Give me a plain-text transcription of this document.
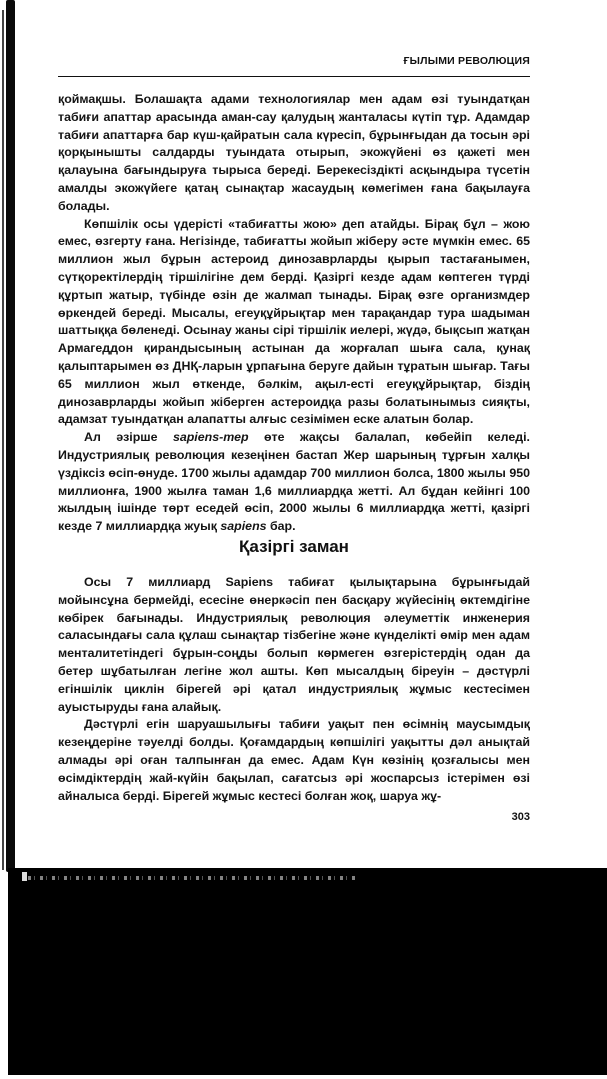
ҒЫЛЫМИ РЕВОЛЮЦИЯ

қоймақшы. Болашақта адами технологиялар мен адам өзі туындатқан табиғи апаттар арасында аман-сау қалудың жанталасы күтіп тұр. Адамдар табиғи апаттарға бар күш-қайратын сала күресіп, бұрынғыдан да тосын әрі қорқынышты салдарды туындата отырып, экожүйені өз қажеті мен қалауына бағындыруға тырыса береді. Берекесіздікті асқындыра түсетін амалды экожүйеге қатаң сынақтар жасаудың көмегімен ғана бақылауға болады.

Көпшілік осы үдерісті «табиғатты жою» деп атайды. Бірақ бұл – жою емес, өзгерту ғана. Негізінде, табиғатты жойып жіберу әсте мүмкін емес. 65 миллион жыл бұрын астероид динозаврларды қырып тастағанымен, сүтқоректілердің тіршілігіне дем берді. Қазіргі кезде адам көптеген түрді құртып жатыр, түбінде өзін де жалмап тынады. Бірақ өзге организмдер өркендей береді. Мысалы, егеуқұйрықтар мен тарақандар тура шадыман шаттыққа бөленеді. Осынау жаны сірі тіршілік иелері, жүдә, бықсып жатқан Армагеддон қирандысының астынан да жорғалап шыға сала, қунақ қалыптарымен өз ДНҚ-ларын ұрпағына беруге дайын тұратын шығар. Тағы 65 миллион жыл өткенде, бәлкім, ақыл-есті егеуқұйрықтар, біздің динозаврларды жойып жіберген астероидқа разы болатынымыз сияқты, адамзат туындатқан алапатты алғыс сезімімен еске алатын болар.

Ал әзірше sapiens-тер өте жақсы балалап, көбейіп келеді. Индустриялық революция кезеңінен бастап Жер шарының тұрғын халқы үздіксіз өсіп-өнуде. 1700 жылы адамдар 700 миллион болса, 1800 жылы 950 миллионға, 1900 жылға таман 1,6 миллиардқа жетті. Ал бұдан кейінгі 100 жылдың ішінде төрт еседей өсіп, 2000 жылы 6 миллиардқа жетті, қазіргі кезде 7 миллиардқа жуық sapiens бар.

Қазіргі заман

Осы 7 миллиард Sapiens табиғат қылықтарына бұрынғыдай мойынсұна бермейді, есесіне өнеркәсіп пен басқару жүйесінің өктемдігіне көбірек бағынады. Индустриялық революция әлеуметтік инженерия саласындағы сала құлаш сынақтар тізбегіне және күнделікті өмір мен адам менталитетіндегі бұрын-соңды болып көрмеген өзгерістердің одан да бетер шұбатылған легіне жол ашты. Көп мысалдың біреуін – дәстүрлі егіншілік циклін бірегей әрі қатал индустриялық жұмыс кестесімен ауыстыруды ғана алайық.

Дәстүрлі егін шаруашылығы табиғи уақыт пен өсімнің маусымдық кезеңдеріне тәуелді болды. Қоғамдардың көпшілігі уақытты дәл анықтай алмады әрі оған талпынған да емес. Адам Күн көзінің қозғалысы мен өсімдіктердің жай-күйін бақылап, сағатсыз әрі жоспарсыз істерімен өзі айналыса берді. Бірегей жұмыс кестесі болған жоқ, шаруа жұ-

303
